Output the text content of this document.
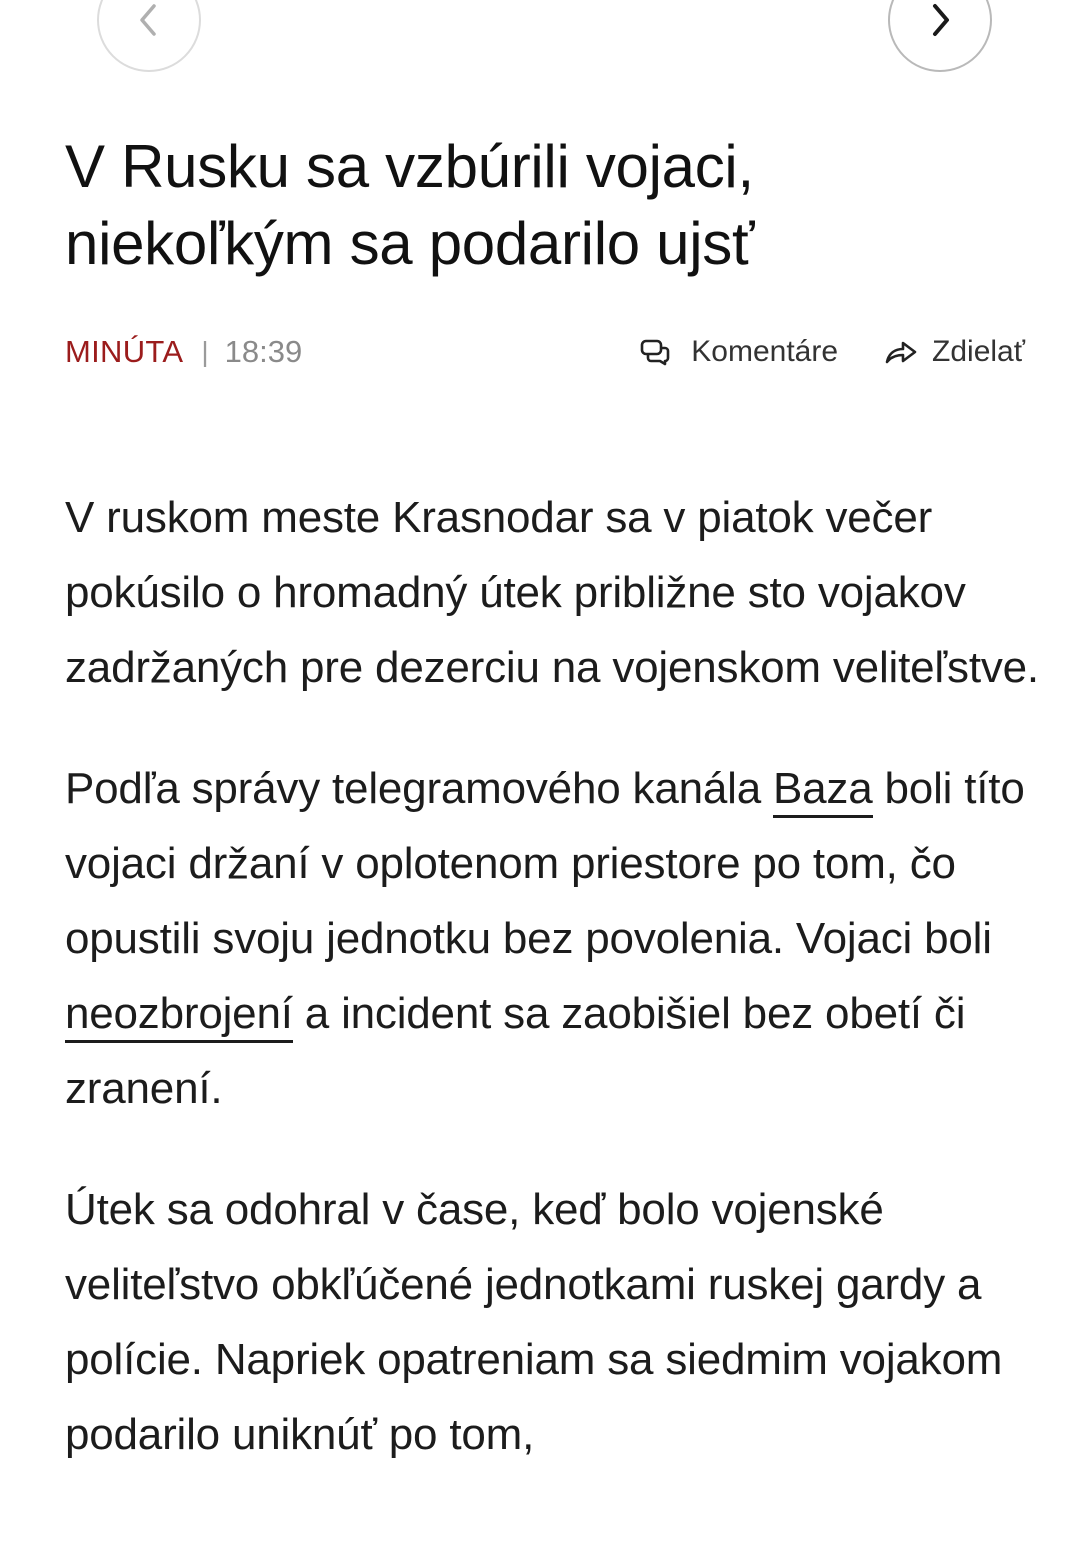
V Rusku sa vzbúrili vojaci, niekoľkým sa podarilo ujsť
MINÚTA | 18:39	Komentáre	Zdielať

V ruskom meste Krasnodar sa v piatok večer pokúsilo o hromadný útek približne sto vojakov zadržaných pre dezerciu na vojenskom veliteľstve.

Podľa správy telegramového kanála Baza boli títo vojaci držaní v oplotenom priestore po tom, čo opustili svoju jednotku bez povolenia. Vojaci boli neozbrojení a incident sa zaobišiel bez obetí či zranení.

Útek sa odohral v čase, keď bolo vojenské veliteľstvo obkľúčené jednotkami ruskej gardy a polície. Napriek opatreniam sa siedmim vojakom podarilo uniknúť po tom,
